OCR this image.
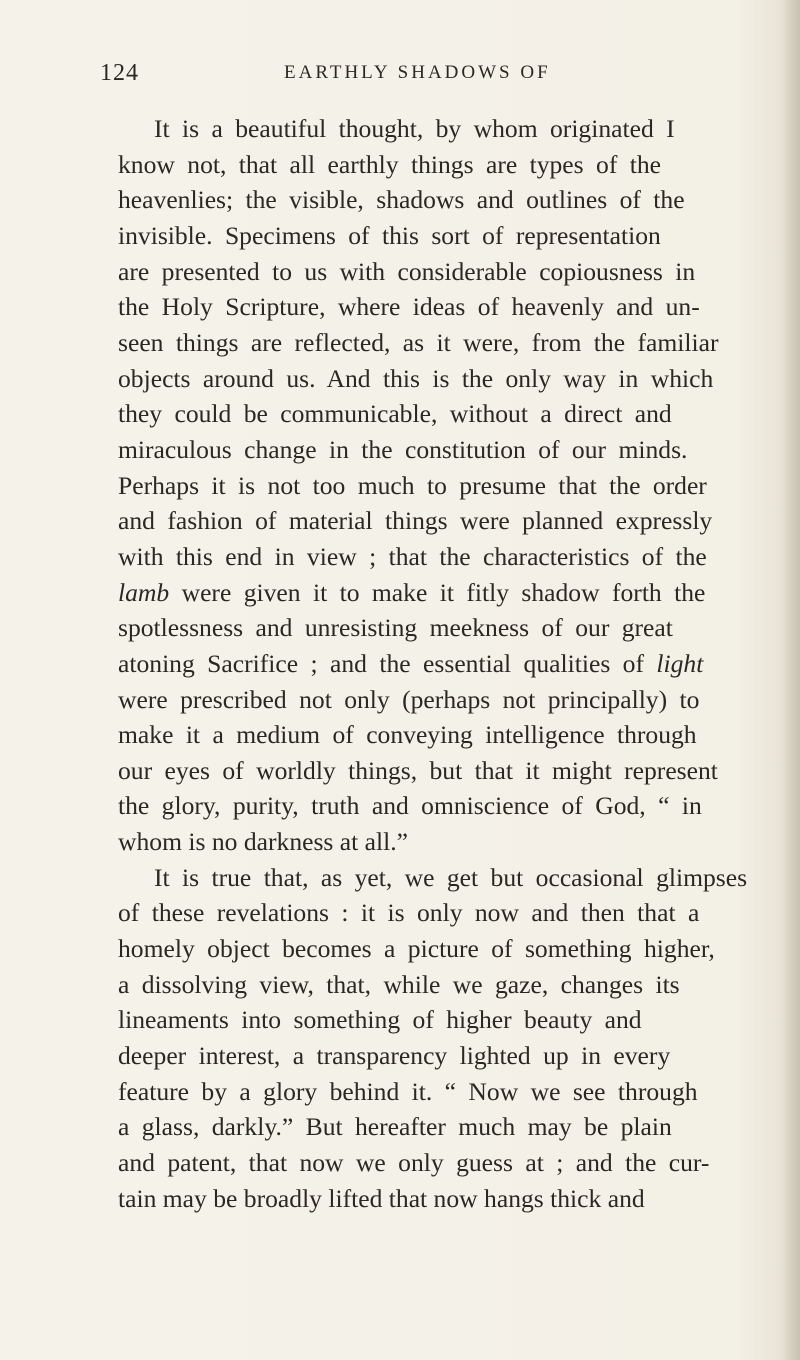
124	EARTHLY SHADOWS OF

It is a beautiful thought, by whom originated I
know not, that all earthly things are types of the
heavenlies; the visible, shadows and outlines of the
invisible. Specimens of this sort of representation
are presented to us with considerable copiousness in
the Holy Scripture, where ideas of heavenly and un-
seen things are reflected, as it were, from the familiar
objects around us. And this is the only way in which
they could be communicable, without a direct and
miraculous change in the constitution of our minds.
Perhaps it is not too much to presume that the order
and fashion of material things were planned expressly
with this end in view ; that the characteristics of the
lamb were given it to make it fitly shadow forth the
spotlessness and unresisting meekness of our great
atoning Sacrifice ; and the essential qualities of light
were prescribed not only (perhaps not principally) to
make it a medium of conveying intelligence through
our eyes of worldly things, but that it might represent
the glory, purity, truth and omniscience of God, “ in
whom is no darkness at all.”

It is true that, as yet, we get but occasional glimpses
of these revelations : it is only now and then that a
homely object becomes a picture of something higher,
a dissolving view, that, while we gaze, changes its
lineaments into something of higher beauty and
deeper interest, a transparency lighted up in every
feature by a glory behind it. “ Now we see through
a glass, darkly.” But hereafter much may be plain
and patent, that now we only guess at ; and the cur-
tain may be broadly lifted that now hangs thick and
